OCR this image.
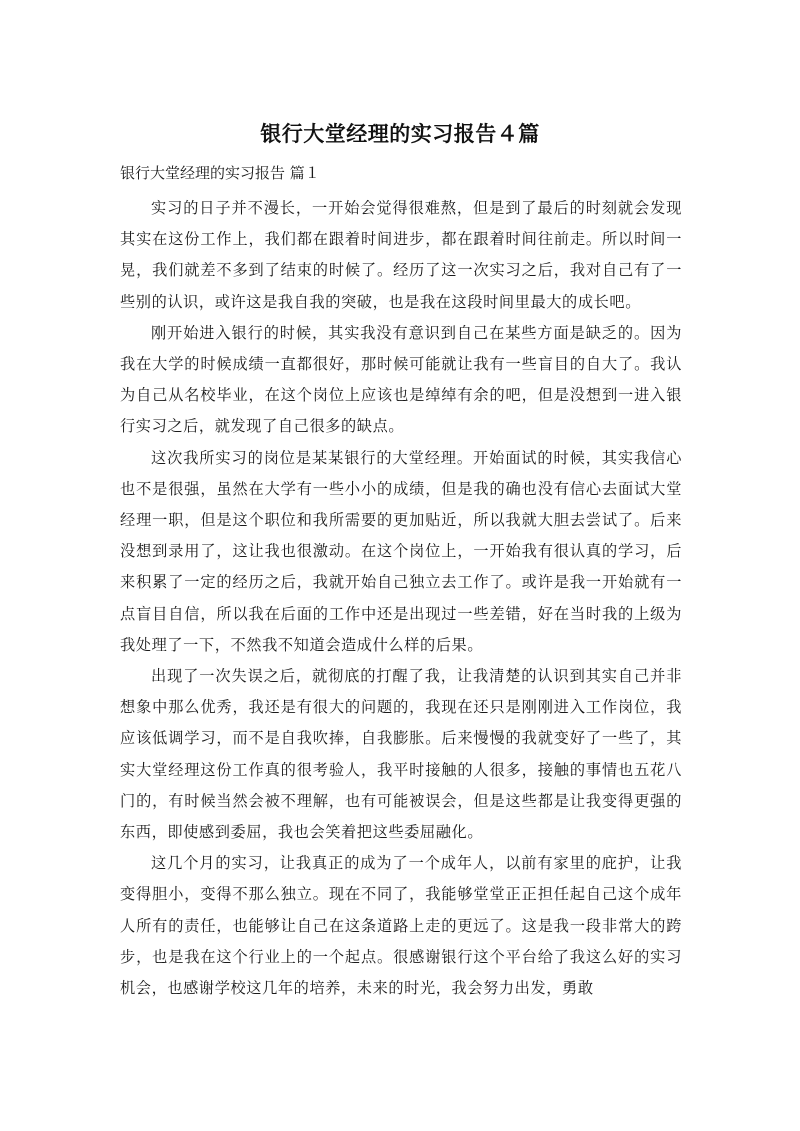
银行大堂经理的实习报告４篇
银行大堂经理的实习报告 篇１

实习的日子并不漫长，一开始会觉得很难熬，但是到了最后的时刻就会发现其实在这份工作上，我们都在跟着时间进步，都在跟着时间往前走。所以时间一晃，我们就差不多到了结束的时候了。经历了这一次实习之后，我对自己有了一些别的认识，或许这是我自我的突破，也是我在这段时间里最大的成长吧。

刚开始进入银行的时候，其实我没有意识到自己在某些方面是缺乏的。因为我在大学的时候成绩一直都很好，那时候可能就让我有一些盲目的自大了。我认为自己从名校毕业，在这个岗位上应该也是绰绰有余的吧，但是没想到一进入银行实习之后，就发现了自己很多的缺点。

这次我所实习的岗位是某某银行的大堂经理。开始面试的时候，其实我信心也不是很强，虽然在大学有一些小小的成绩，但是我的确也没有信心去面试大堂经理一职，但是这个职位和我所需要的更加贴近，所以我就大胆去尝试了。后来没想到录用了，这让我也很激动。在这个岗位上，一开始我有很认真的学习，后来积累了一定的经历之后，我就开始自己独立去工作了。或许是我一开始就有一点盲目自信，所以我在后面的工作中还是出现过一些差错，好在当时我的上级为我处理了一下，不然我不知道会造成什么样的后果。

出现了一次失误之后，就彻底的打醒了我，让我清楚的认识到其实自己并非想象中那么优秀，我还是有很大的问题的，我现在还只是刚刚进入工作岗位，我应该低调学习，而不是自我吹捧，自我膨胀。后来慢慢的我就变好了一些了，其实大堂经理这份工作真的很考验人，我平时接触的人很多，接触的事情也五花八门的，有时候当然会被不理解，也有可能被误会，但是这些都是让我变得更强的东西，即使感到委屈，我也会笑着把这些委屈融化。

这几个月的实习，让我真正的成为了一个成年人，以前有家里的庇护，让我变得胆小，变得不那么独立。现在不同了，我能够堂堂正正担任起自己这个成年人所有的责任，也能够让自己在这条道路上走的更远了。这是我一段非常大的跨步，也是我在这个行业上的一个起点。很感谢银行这个平台给了我这么好的实习机会，也感谢学校这几年的培养，未来的时光，我会努力出发，勇敢
